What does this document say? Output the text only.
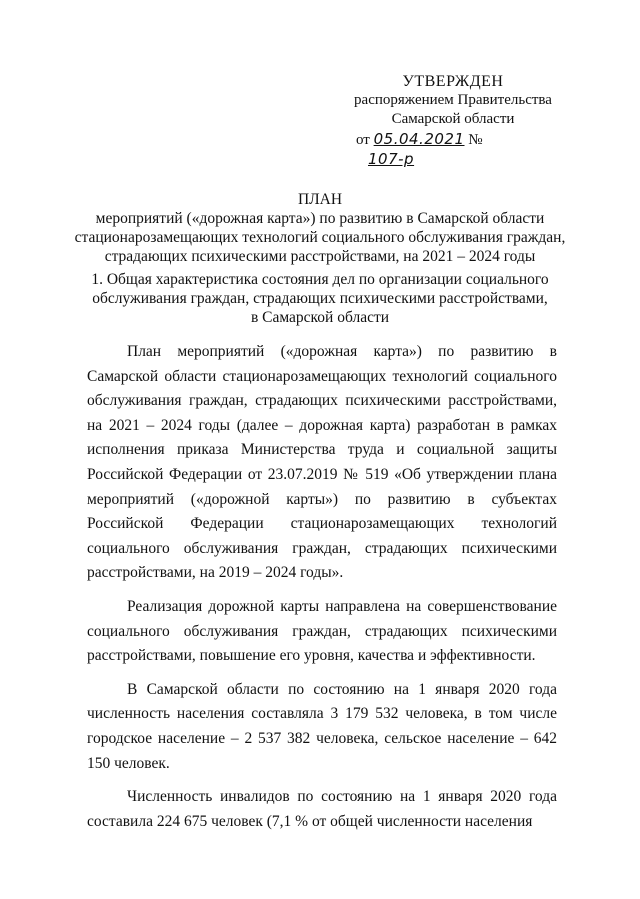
УТВЕРЖДЕН
распоряжением Правительства
Самарской области
от 05.04.2021 № 107-р
ПЛАН
мероприятий («дорожная карта») по развитию в Самарской области
стационарозамещающих технологий социального обслуживания граждан,
страдающих психическими расстройствами, на 2021 – 2024 годы
1. Общая характеристика состояния дел по организации социального
обслуживания граждан, страдающих психическими расстройствами,
в Самарской области

План мероприятий («дорожная карта») по развитию в Самарской области стационарозамещающих технологий социального обслуживания граждан, страдающих психическими расстройствами, на 2021 – 2024 годы (далее – дорожная карта) разработан в рамках исполнения приказа Министерства труда и социальной защиты Российской Федерации от 23.07.2019 № 519 «Об утверждении плана мероприятий («дорожной карты») по развитию в субъектах Российской Федерации стационарозамещающих технологий социального обслуживания граждан, страдающих психическими расстройствами, на 2019 – 2024 годы».

Реализация дорожной карты направлена на совершенствование социального обслуживания граждан, страдающих психическими расстройствами, повышение его уровня, качества и эффективности.

В Самарской области по состоянию на 1 января 2020 года численность населения составляла 3 179 532 человека, в том числе городское население – 2 537 382 человека, сельское население – 642 150 человек.

Численность инвалидов по состоянию на 1 января 2020 года составила 224 675 человек (7,1 % от общей численности населения
